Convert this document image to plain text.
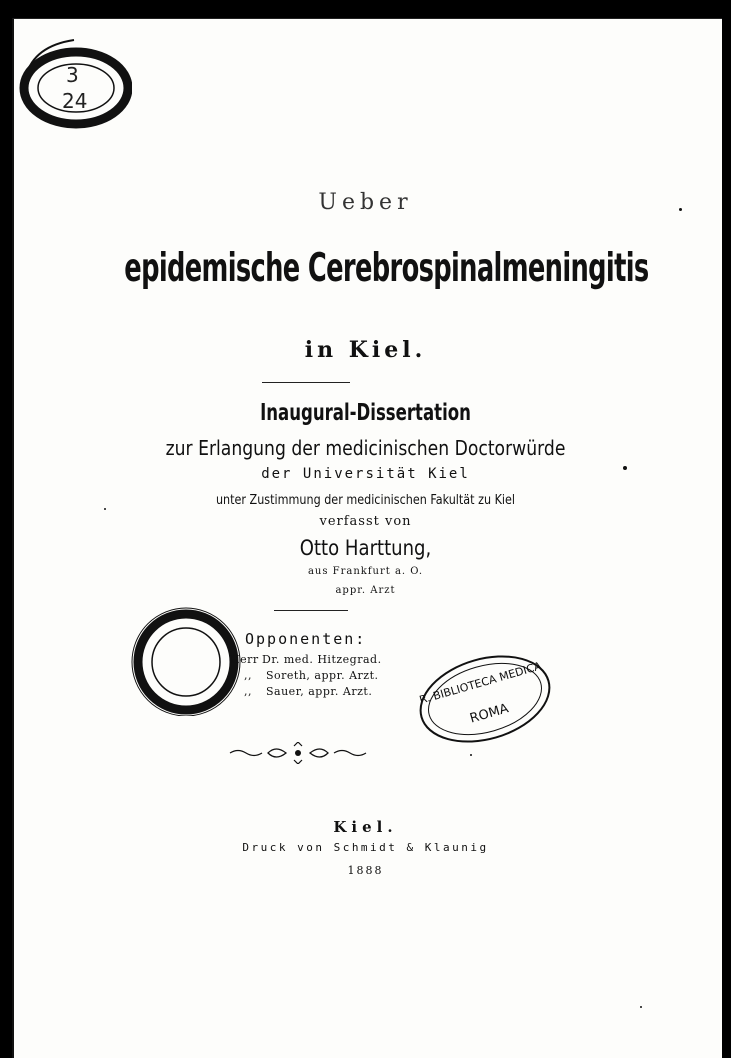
3
24
Ueber
epidemische Cerebrospinalmeningitis
in Kiel.
Inaugural-Dissertation
zur Erlangung der medicinischen Doctorwürde
der Universität Kiel
unter Zustimmung der medicinischen Fakultät zu Kiel
verfasst von
Otto Harttung,
aus Frankfurt a. O.
appr. Arzt
Opponenten:
Herr Dr. med. Hitzegrad.
,, Soreth, appr. Arzt.
,, Sauer, appr. Arzt.	R. BIBLIOTECA MEDICA
ROMA
Kiel.
Druck von Schmidt & Klaunig
1888
